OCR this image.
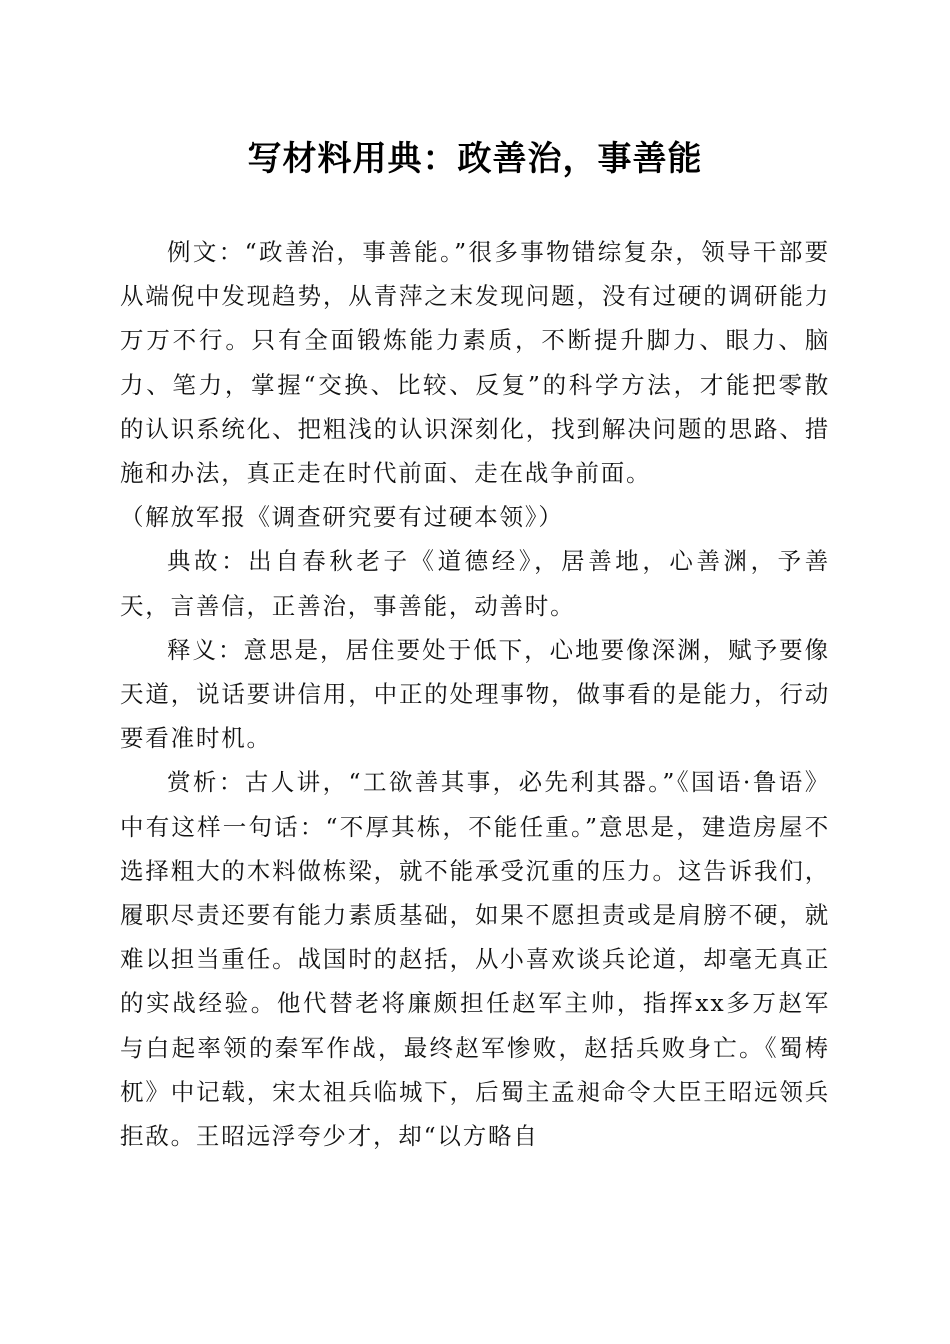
写材料用典：政善治，事善能

例文：“政善治，事善能。”很多事物错综复杂，领导干部要从端倪中发现趋势，从青萍之末发现问题，没有过硬的调研能力万万不行。只有全面锻炼能力素质，不断提升脚力、眼力、脑力、笔力，掌握“交换、比较、反复”的科学方法，才能把零散的认识系统化、把粗浅的认识深刻化，找到解决问题的思路、措施和办法，真正走在时代前面、走在战争前面。

（解放军报《调查研究要有过硬本领》）

典故：出自春秋老子《道德经》，居善地，心善渊，予善天，言善信，正善治，事善能，动善时。

释义：意思是，居住要处于低下，心地要像深渊，赋予要像天道，说话要讲信用，中正的处理事物，做事看的是能力，行动要看准时机。

赏析：古人讲，“工欲善其事，必先利其器。”《国语·鲁语》中有这样一句话：“不厚其栋，不能任重。”意思是，建造房屋不选择粗大的木料做栋梁，就不能承受沉重的压力。这告诉我们，履职尽责还要有能力素质基础，如果不愿担责或是肩膀不硬，就难以担当重任。战国时的赵括，从小喜欢谈兵论道，却毫无真正的实战经验。他代替老将廉颇担任赵军主帅，指挥xx多万赵军与白起率领的秦军作战，最终赵军惨败，赵括兵败身亡。《蜀梼杌》中记载，宋太祖兵临城下，后蜀主孟昶命令大臣王昭远领兵拒敌。王昭远浮夸少才，却“以方略自
